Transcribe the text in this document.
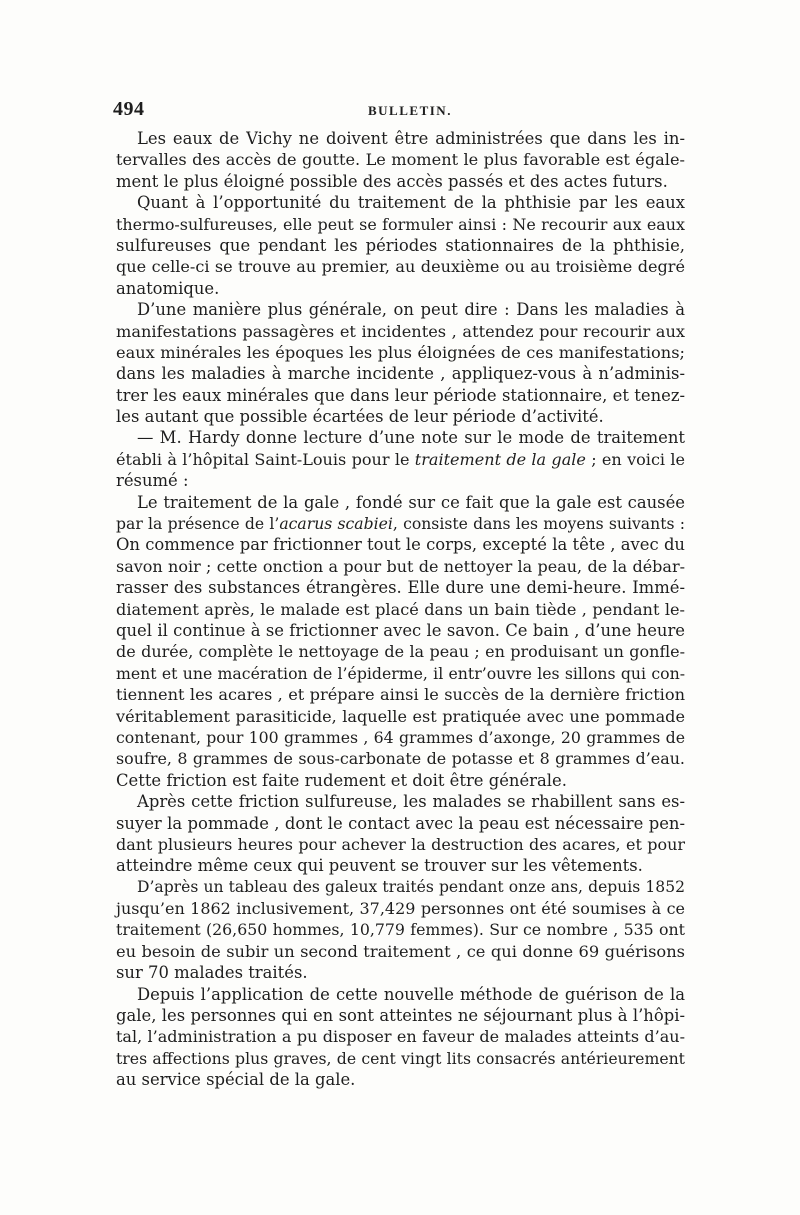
494	BULLETIN.
Les eaux de Vichy ne doivent être administrées que dans les in-
tervalles des accès de goutte. Le moment le plus favorable est égale-
ment le plus éloigné possible des accès passés et des actes futurs.
Quant à l’opportunité du traitement de la phthisie par les eaux
thermo-sulfureuses, elle peut se formuler ainsi : Ne recourir aux eaux
sulfureuses que pendant les périodes stationnaires de la phthisie,
que celle-ci se trouve au premier, au deuxième ou au troisième degré
anatomique.
D’une manière plus générale, on peut dire : Dans les maladies à
manifestations passagères et incidentes , attendez pour recourir aux
eaux minérales les époques les plus éloignées de ces manifestations;
dans les maladies à marche incidente , appliquez-vous à n’adminis-
trer les eaux minérales que dans leur période stationnaire, et tenez-
les autant que possible écartées de leur période d’activité.
— M. Hardy donne lecture d’une note sur le mode de traitement
établi à l’hôpital Saint-Louis pour le traitement de la gale ; en voici le
résumé :
Le traitement de la gale , fondé sur ce fait que la gale est causée
par la présence de l’acarus scabiei, consiste dans les moyens suivants :
On commence par frictionner tout le corps, excepté la tête , avec du
savon noir ; cette onction a pour but de nettoyer la peau, de la débar-
rasser des substances étrangères. Elle dure une demi-heure. Immé-
diatement après, le malade est placé dans un bain tiède , pendant le-
quel il continue à se frictionner avec le savon. Ce bain , d’une heure
de durée, complète le nettoyage de la peau ; en produisant un gonfle-
ment et une macération de l’épiderme, il entr’ouvre les sillons qui con-
tiennent les acares , et prépare ainsi le succès de la dernière friction
véritablement parasiticide, laquelle est pratiquée avec une pommade
contenant, pour 100 grammes , 64 grammes d’axonge, 20 grammes de
soufre, 8 grammes de sous-carbonate de potasse et 8 grammes d’eau.
Cette friction est faite rudement et doit être générale.
Après cette friction sulfureuse, les malades se rhabillent sans es-
suyer la pommade , dont le contact avec la peau est nécessaire pen-
dant plusieurs heures pour achever la destruction des acares, et pour
atteindre même ceux qui peuvent se trouver sur les vêtements.
D’après un tableau des galeux traités pendant onze ans, depuis 1852
jusqu’en 1862 inclusivement, 37,429 personnes ont été soumises à ce
traitement (26,650 hommes, 10,779 femmes). Sur ce nombre , 535 ont
eu besoin de subir un second traitement , ce qui donne 69 guérisons
sur 70 malades traités.
Depuis l’application de cette nouvelle méthode de guérison de la
gale, les personnes qui en sont atteintes ne séjournant plus à l’hôpi-
tal, l’administration a pu disposer en faveur de malades atteints d’au-
tres affections plus graves, de cent vingt lits consacrés antérieurement
au service spécial de la gale.
